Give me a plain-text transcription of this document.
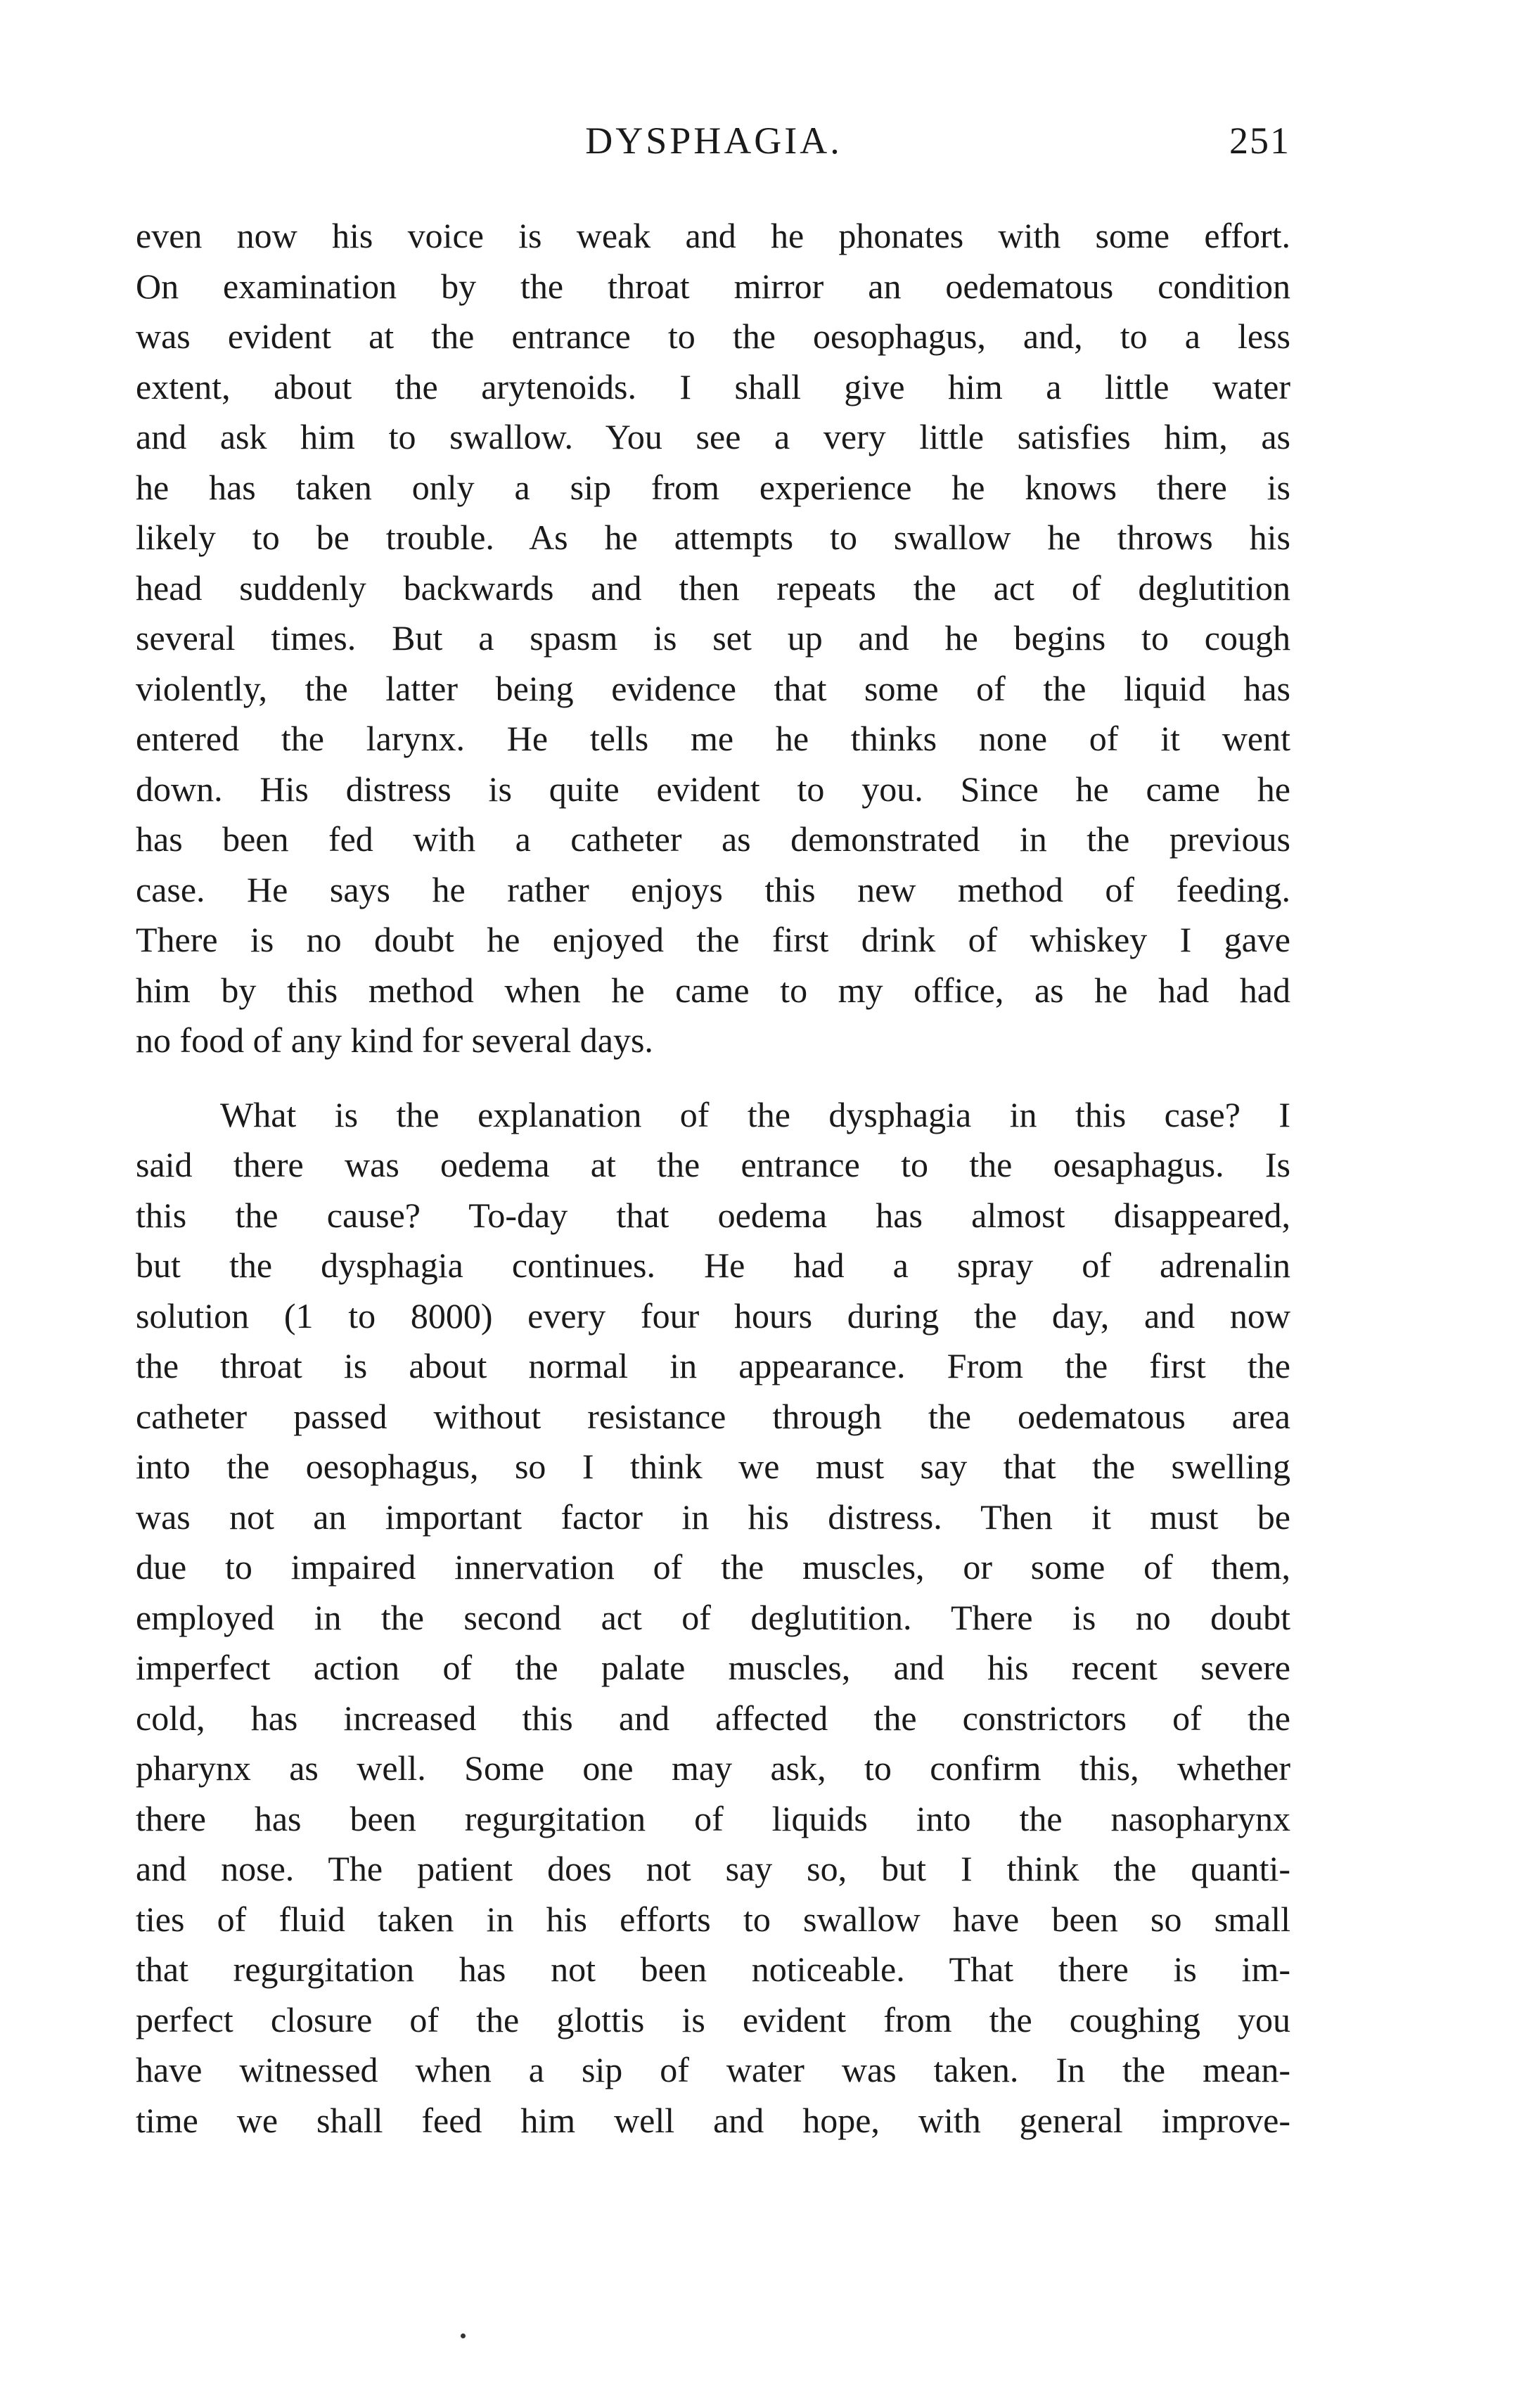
DYSPHAGIA.	251
even now his voice is weak and he phonates with some effort.
On examination by the throat mirror an oedematous condition
was evident at the entrance to the oesophagus, and, to a less
extent, about the arytenoids. I shall give him a little water
and ask him to swallow. You see a very little satisfies him, as
he has taken only a sip from experience he knows there is
likely to be trouble. As he attempts to swallow he throws his
head suddenly backwards and then repeats the act of deglutition
several times. But a spasm is set up and he begins to cough
violently, the latter being evidence that some of the liquid has
entered the larynx. He tells me he thinks none of it went
down. His distress is quite evident to you. Since he came he
has been fed with a catheter as demonstrated in the previous
case. He says he rather enjoys this new method of feeding.
There is no doubt he enjoyed the first drink of whiskey I gave
him by this method when he came to my office, as he had had
no food of any kind for several days.
What is the explanation of the dysphagia in this case? I
said there was oedema at the entrance to the oesaphagus. Is
this the cause? To-day that oedema has almost disappeared,
but the dysphagia continues. He had a spray of adrenalin
solution (1 to 8000) every four hours during the day, and now
the throat is about normal in appearance. From the first the
catheter passed without resistance through the oedematous area
into the oesophagus, so I think we must say that the swelling
was not an important factor in his distress. Then it must be
due to impaired innervation of the muscles, or some of them,
employed in the second act of deglutition. There is no doubt
imperfect action of the palate muscles, and his recent severe
cold, has increased this and affected the constrictors of the
pharynx as well. Some one may ask, to confirm this, whether
there has been regurgitation of liquids into the nasopharynx
and nose. The patient does not say so, but I think the quanti-
ties of fluid taken in his efforts to swallow have been so small
that regurgitation has not been noticeable. That there is im-
perfect closure of the glottis is evident from the coughing you
have witnessed when a sip of water was taken. In the mean-
time we shall feed him well and hope, with general improve-
